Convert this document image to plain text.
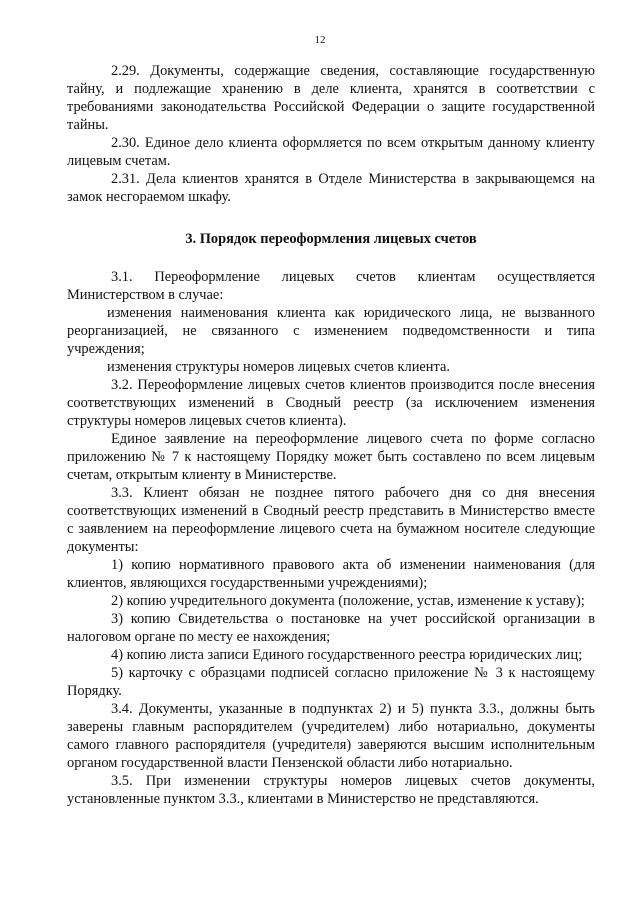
12

2.29. Документы, содержащие сведения, составляющие государственную тайну, и подлежащие хранению в деле клиента, хранятся в соответствии с требованиями законодательства Российской Федерации о защите государственной тайны.

2.30. Единое дело клиента оформляется по всем открытым данному клиенту лицевым счетам.

2.31. Дела клиентов хранятся в Отделе Министерства в закрывающемся на замок несгораемом шкафу.

3. Порядок переоформления лицевых счетов

3.1. Переоформление лицевых счетов клиентам осуществляется Министерством в случае:

изменения наименования клиента как юридического лица, не вызванного реорганизацией, не связанного с изменением подведомственности и типа учреждения;

изменения структуры номеров лицевых счетов клиента.

3.2. Переоформление лицевых счетов клиентов производится после внесения соответствующих изменений в Сводный реестр (за исключением изменения структуры номеров лицевых счетов клиента).

Единое заявление на переоформление лицевого счета по форме согласно приложению № 7 к настоящему Порядку может быть составлено по всем лицевым счетам, открытым клиенту в Министерстве.

3.3. Клиент обязан не позднее пятого рабочего дня со дня внесения соответствующих изменений в Сводный реестр представить в Министерство вместе с заявлением на переоформление лицевого счета на бумажном носителе следующие документы:

1) копию нормативного правового акта об изменении наименования (для клиентов, являющихся государственными учреждениями);

2) копию учредительного документа (положение, устав, изменение к уставу);

3) копию Свидетельства о постановке на учет российской организации в налоговом органе по месту ее нахождения;

4) копию листа записи Единого государственного реестра юридических лиц;

5) карточку с образцами подписей согласно приложение № 3 к настоящему Порядку.

3.4. Документы, указанные в подпунктах 2) и 5) пункта 3.3., должны быть заверены главным распорядителем (учредителем) либо нотариально, документы самого главного распорядителя (учредителя) заверяются высшим исполнительным органом государственной власти Пензенской области либо нотариально.

3.5. При изменении структуры номеров лицевых счетов документы, установленные пунктом 3.3., клиентами в Министерство не представляются.
